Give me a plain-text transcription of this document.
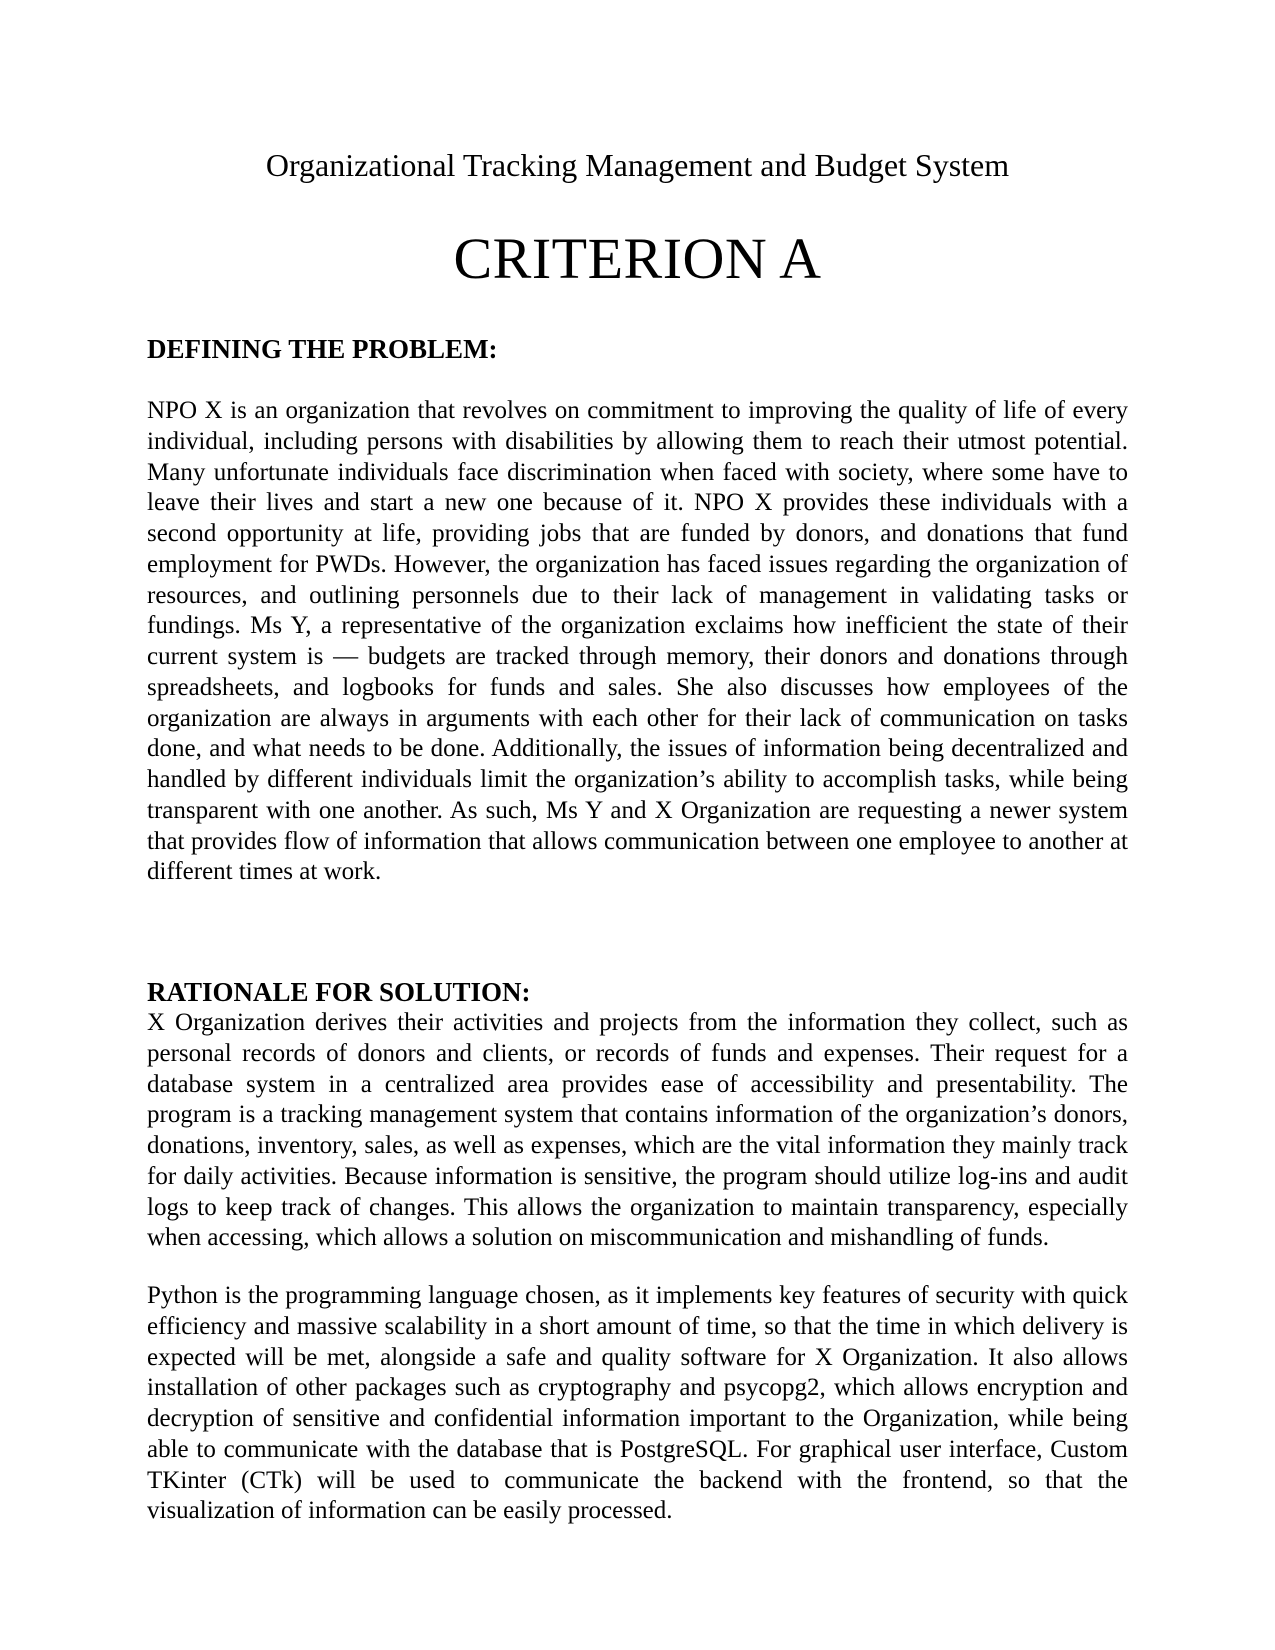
Organizational Tracking Management and Budget System
CRITERION A
DEFINING THE PROBLEM:

NPO X is an organization that revolves on commitment to improving the quality of life of every individual, including persons with disabilities by allowing them to reach their utmost potential. Many unfortunate individuals face discrimination when faced with society, where some have to leave their lives and start a new one because of it. NPO X provides these individuals with a second opportunity at life, providing jobs that are funded by donors, and donations that fund employment for PWDs. However, the organization has faced issues regarding the organization of resources, and outlining personnels due to their lack of management in validating tasks or fundings. Ms Y, a representative of the organization exclaims how inefficient the state of their current system is — budgets are tracked through memory, their donors and donations through spreadsheets, and logbooks for funds and sales. She also discusses how employees of the organization are always in arguments with each other for their lack of communication on tasks done, and what needs to be done. Additionally, the issues of information being decentralized and handled by different individuals limit the organization’s ability to accomplish tasks, while being transparent with one another. As such, Ms Y and X Organization are requesting a newer system that provides flow of information that allows communication between one employee to another at different times at work.

RATIONALE FOR SOLUTION:

X Organization derives their activities and projects from the information they collect, such as personal records of donors and clients, or records of funds and expenses. Their request for a database system in a centralized area provides ease of accessibility and presentability. The program is a tracking management system that contains information of the organization’s donors, donations, inventory, sales, as well as expenses, which are the vital information they mainly track for daily activities. Because information is sensitive, the program should utilize log-ins and audit logs to keep track of changes. This allows the organization to maintain transparency, especially when accessing, which allows a solution on miscommunication and mishandling of funds.

Python is the programming language chosen, as it implements key features of security with quick efficiency and massive scalability in a short amount of time, so that the time in which delivery is expected will be met, alongside a safe and quality software for X Organization. It also allows installation of other packages such as cryptography and psycopg2, which allows encryption and decryption of sensitive and confidential information important to the Organization, while being able to communicate with the database that is PostgreSQL. For graphical user interface, Custom TKinter (CTk) will be used to communicate the backend with the frontend, so that the visualization of information can be easily processed.
